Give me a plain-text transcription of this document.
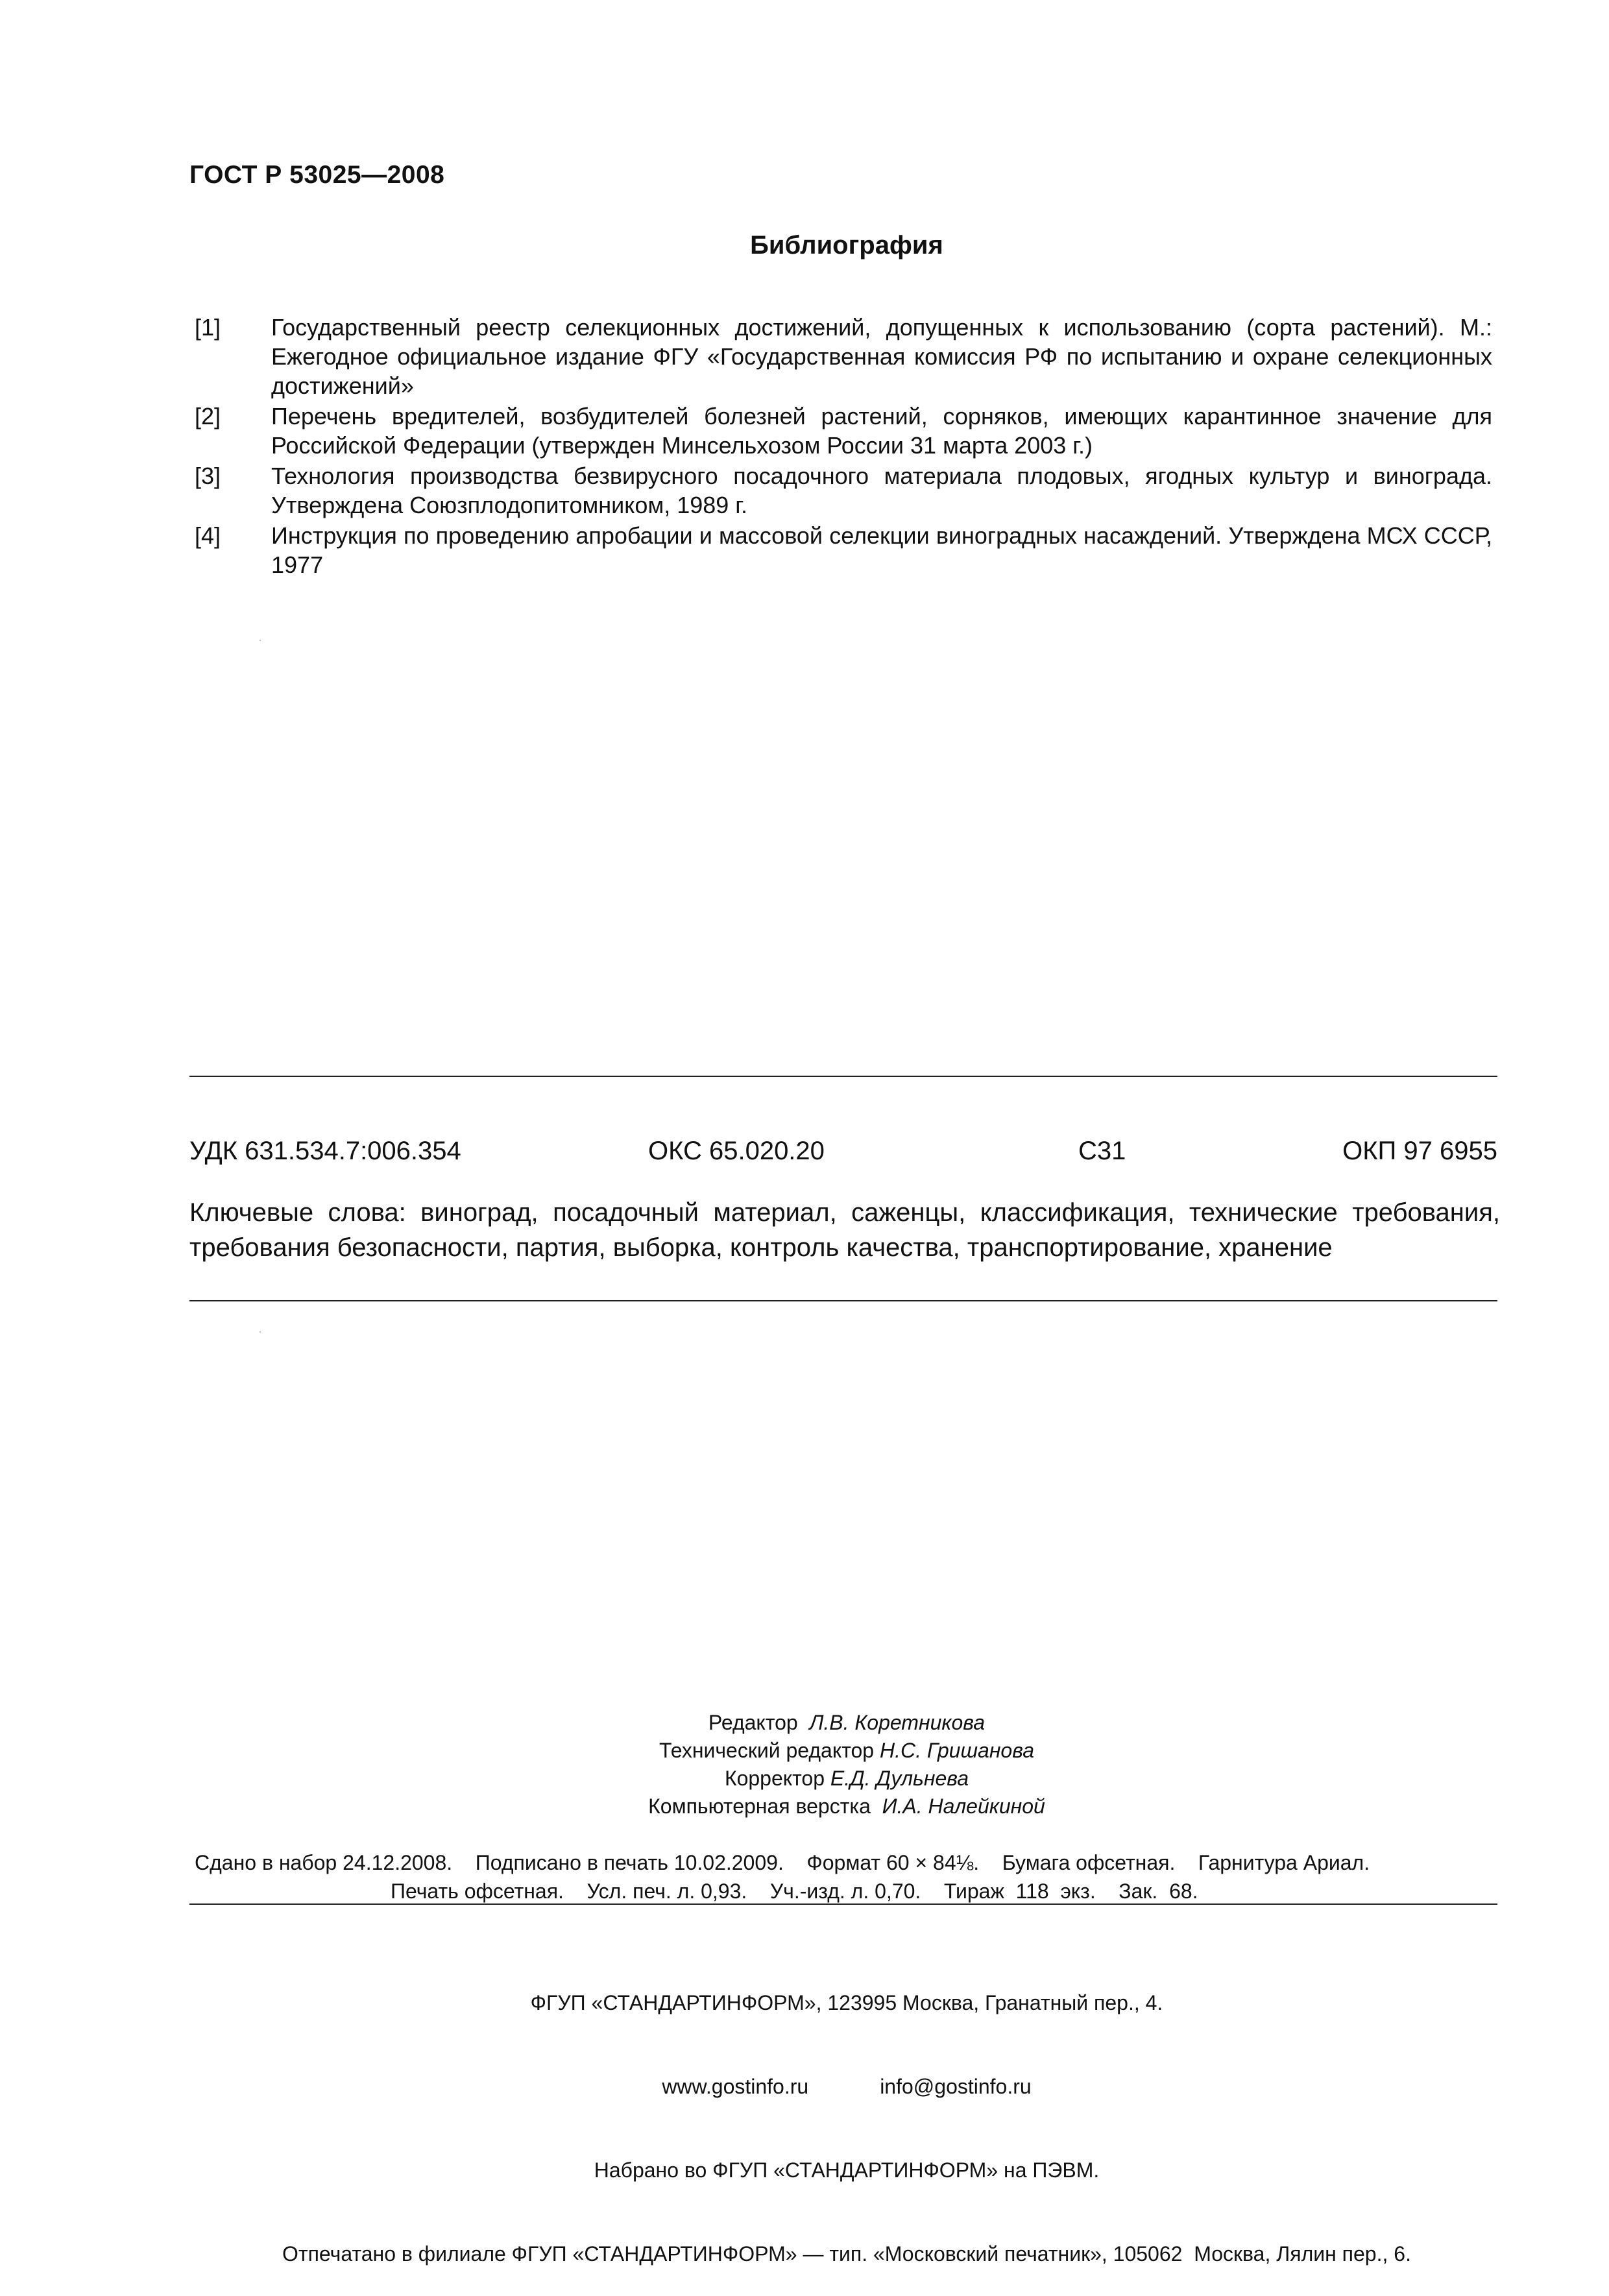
ГОСТ Р 53025—2008
Библиография
[1]	Государственный реестр селекционных достижений, допущенных к использованию (сорта растений). М.: Ежегодное официальное издание ФГУ «Государственная комиссия РФ по испытанию и охране селекционных достижений»
[2]	Перечень вредителей, возбудителей болезней растений, сорняков, имеющих карантинное значение для Российской Федерации (утвержден Минсельхозом России 31 марта 2003 г.)
[3]	Технология производства безвирусного посадочного материала плодовых, ягодных культур и винограда. Утверждена Союзплодопитомником, 1989 г.
[4]	Инструкция по проведению апробации и массовой селекции виноградных насаждений. Утверждена МСХ СССР, 1977
УДК 631.534.7:006.354	ОКС 65.020.20	С31	ОКП 97 6955
Ключевые слова: виноград, посадочный материал, саженцы, классификация, технические требования, требования безопасности, партия, выборка, контроль качества, транспортирование, хранение
Редактор Л.В. Коретникова
Технический редактор Н.С. Гришанова
Корректор Е.Д. Дульнева
Компьютерная верстка И.А. Налейкиной
Сдано в набор 24.12.2008.    Подписано в печать 10.02.2009.    Формат 60 × 84⅛.    Бумага офсетная.    Гарнитура Ариал.
Печать офсетная.    Усл. печ. л. 0,93.    Уч.-изд. л. 0,70.    Тираж  118  экз.    Зак.  68.

ФГУП «СТАНДАРТИНФОРМ», 123995 Москва, Гранатный пер., 4.

www.gostinfo.ru	info@gostinfo.ru

Набрано во ФГУП «СТАНДАРТИНФОРМ» на ПЭВМ.

Отпечатано в филиале ФГУП «СТАНДАРТИНФОРМ» — тип. «Московский печатник», 105062  Москва, Лялин пер., 6.
